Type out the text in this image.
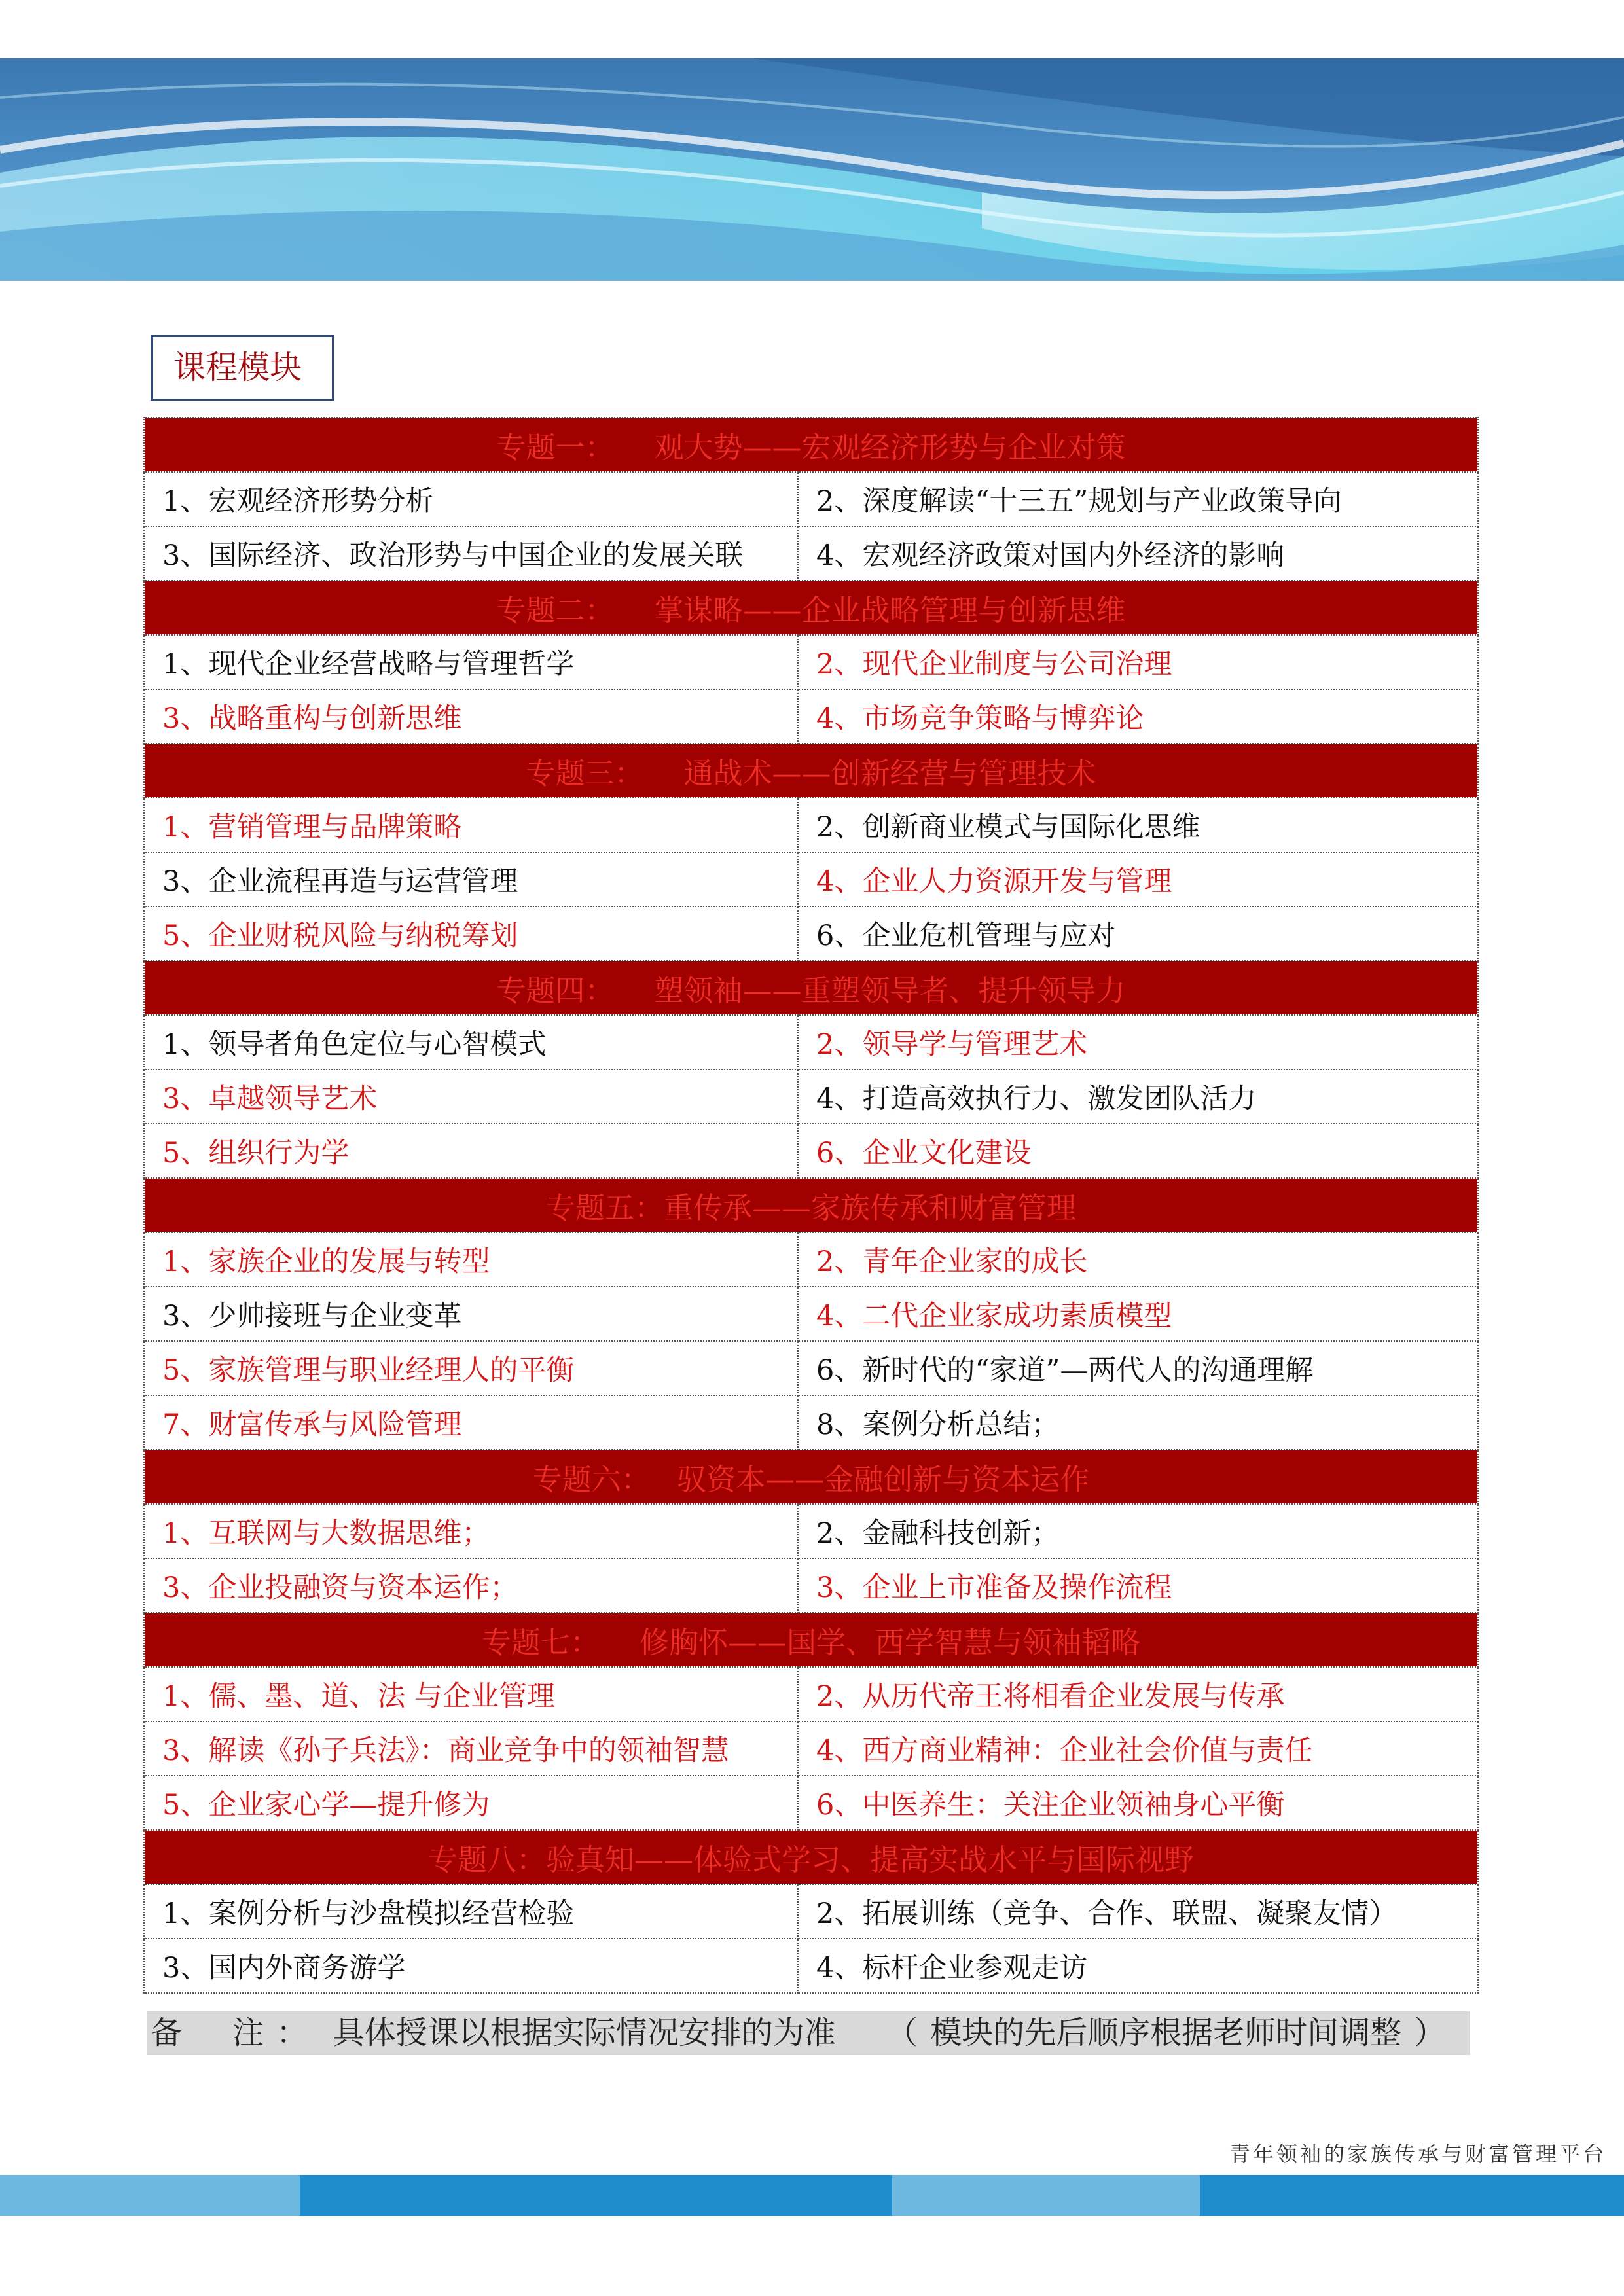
课程模块
专题一：   观大势——宏观经济形势与企业对策	
1、宏观经济形势分析	2、深度解读“十三五”规划与产业政策导向
3、国际经济、政治形势与中国企业的发展关联	4、宏观经济政策对国内外经济的影响
专题二：   掌谋略——企业战略管理与创新思维	
1、现代企业经营战略与管理哲学	2、现代企业制度与公司治理
3、战略重构与创新思维	4、市场竞争策略与博弈论
专题三：   通战术——创新经营与管理技术	
1、营销管理与品牌策略	2、创新商业模式与国际化思维
3、企业流程再造与运营管理	4、企业人力资源开发与管理
5、企业财税风险与纳税筹划	6、企业危机管理与应对
专题四：   塑领袖——重塑领导者、提升领导力	
1、领导者角色定位与心智模式	2、领导学与管理艺术
3、卓越领导艺术	4、打造高效执行力、激发团队活力
5、组织行为学	6、企业文化建设
专题五：重传承——家族传承和财富管理	
1、家族企业的发展与转型	2、青年企业家的成长
3、少帅接班与企业变革	4、二代企业家成功素质模型
5、家族管理与职业经理人的平衡	6、新时代的“家道”—两代人的沟通理解
7、财富传承与风险管理	8、案例分析总结；
专题六：  驭资本——金融创新与资本运作	
1、互联网与大数据思维；	2、金融科技创新；
3、企业投融资与资本运作；	3、企业上市准备及操作流程
专题七：   修胸怀——国学、西学智慧与领袖韬略	
1、儒、墨、道、法 与企业管理	2、从历代帝王将相看企业发展与传承
3、解读《孙子兵法》：商业竞争中的领袖智慧	4、西方商业精神：企业社会价值与责任
5、企业家心学—提升修为	6、中医养生：关注企业领袖身心平衡
专题八：验真知——体验式学习、提高实战水平与国际视野	
1、案例分析与沙盘模拟经营检验	2、拓展训练（竞争、合作、联盟、凝聚友情）
3、国内外商务游学	4、标杆企业参观走访
备    注 ：  具体授课以根据实际情况安排的为准    （ 模块的先后顺序根据老师时间调整 ）
青年领袖的家族传承与财富管理平台
